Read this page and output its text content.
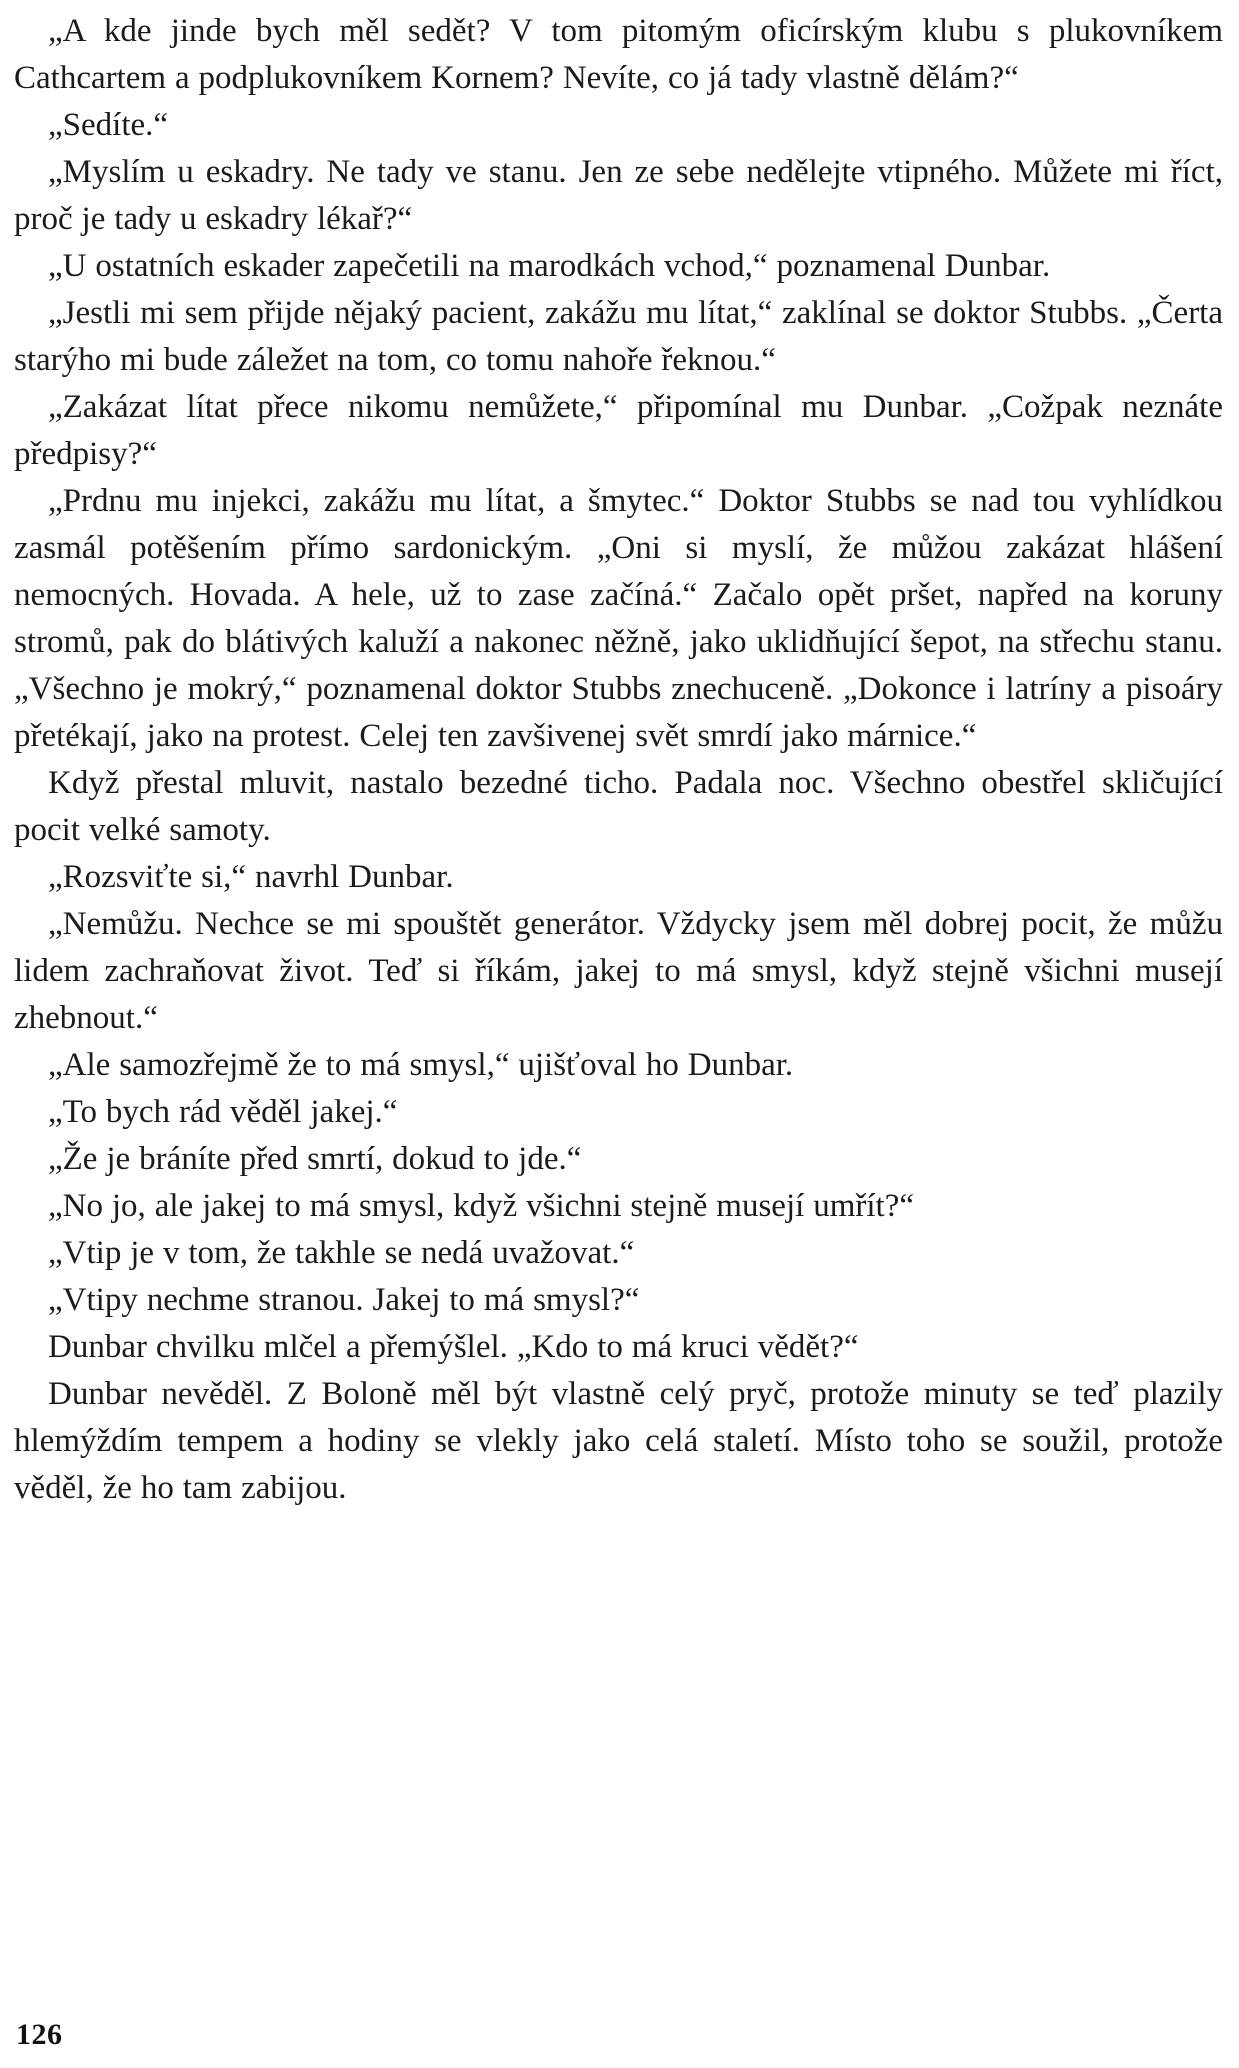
„A kde jinde bych měl sedět? V tom pitomým oficírským klubu s plukovníkem Cathcartem a podplukovníkem Kornem? Nevíte, co já tady vlastně dělám?“

„Sedíte.“

„Myslím u eskadry. Ne tady ve stanu. Jen ze sebe nedělejte vtipného. Můžete mi říct, proč je tady u eskadry lékař?“

„U ostatních eskader zapečetili na marodkách vchod,“ poznamenal Dunbar.

„Jestli mi sem přijde nějaký pacient, zakážu mu lítat,“ zaklínal se doktor Stubbs. „Čerta starýho mi bude záležet na tom, co tomu nahoře řeknou.“

„Zakázat lítat přece nikomu nemůžete,“ připomínal mu Dunbar. „Cožpak neznáte předpisy?“

„Prdnu mu injekci, zakážu mu lítat, a šmytec.“ Doktor Stubbs se nad tou vyhlídkou zasmál potěšením přímo sardonickým. „Oni si myslí, že můžou zakázat hlášení nemocných. Hovada. A hele, už to zase začíná.“ Začalo opět pršet, napřed na koruny stromů, pak do blátivých kaluží a nakonec něžně, jako uklidňující šepot, na střechu stanu. „Všechno je mokrý,“ poznamenal doktor Stubbs znechuceně. „Dokonce i latríny a pisoáry přetékají, jako na protest. Celej ten zavšivenej svět smrdí jako márnice.“

Když přestal mluvit, nastalo bezedné ticho. Padala noc. Všechno obestřel skličující pocit velké samoty.

„Rozsviťte si,“ navrhl Dunbar.

„Nemůžu. Nechce se mi spouštět generátor. Vždycky jsem měl dobrej pocit, že můžu lidem zachraňovat život. Teď si říkám, jakej to má smysl, když stejně všichni musejí zhebnout.“

„Ale samozřejmě že to má smysl,“ ujišťoval ho Dunbar.

„To bych rád věděl jakej.“

„Že je bráníte před smrtí, dokud to jde.“

„No jo, ale jakej to má smysl, když všichni stejně musejí umřít?“

„Vtip je v tom, že takhle se nedá uvažovat.“

„Vtipy nechme stranou. Jakej to má smysl?“

Dunbar chvilku mlčel a přemýšlel. „Kdo to má kruci vědět?“

Dunbar nevěděl. Z Boloně měl být vlastně celý pryč, protože minuty se teď plazily hlemýždím tempem a hodiny se vlekly jako celá staletí. Místo toho se soužil, protože věděl, že ho tam zabijou.

126
